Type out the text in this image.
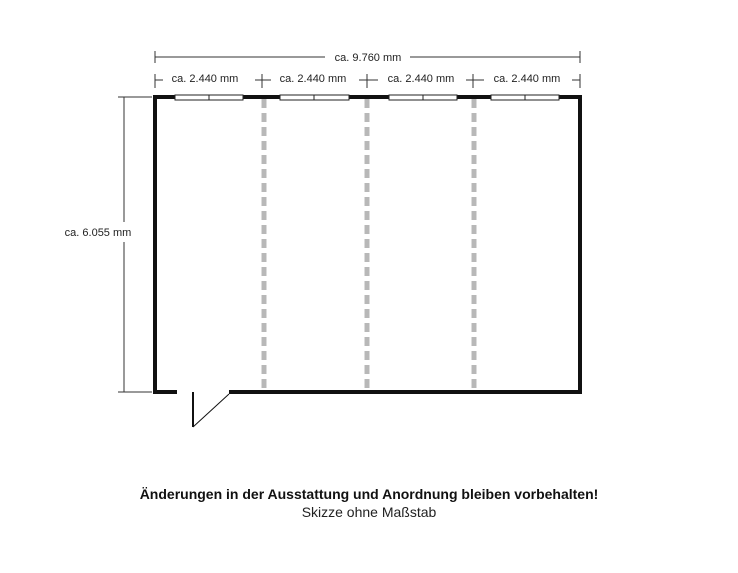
ca. 9.760 mm
ca. 2.440 mm	ca. 2.440 mm	ca. 2.440 mm	ca. 2.440 mm
ca. 6.055 mm
Änderungen in der Ausstattung und Anordnung bleiben vorbehalten!
Skizze ohne Maßstab
